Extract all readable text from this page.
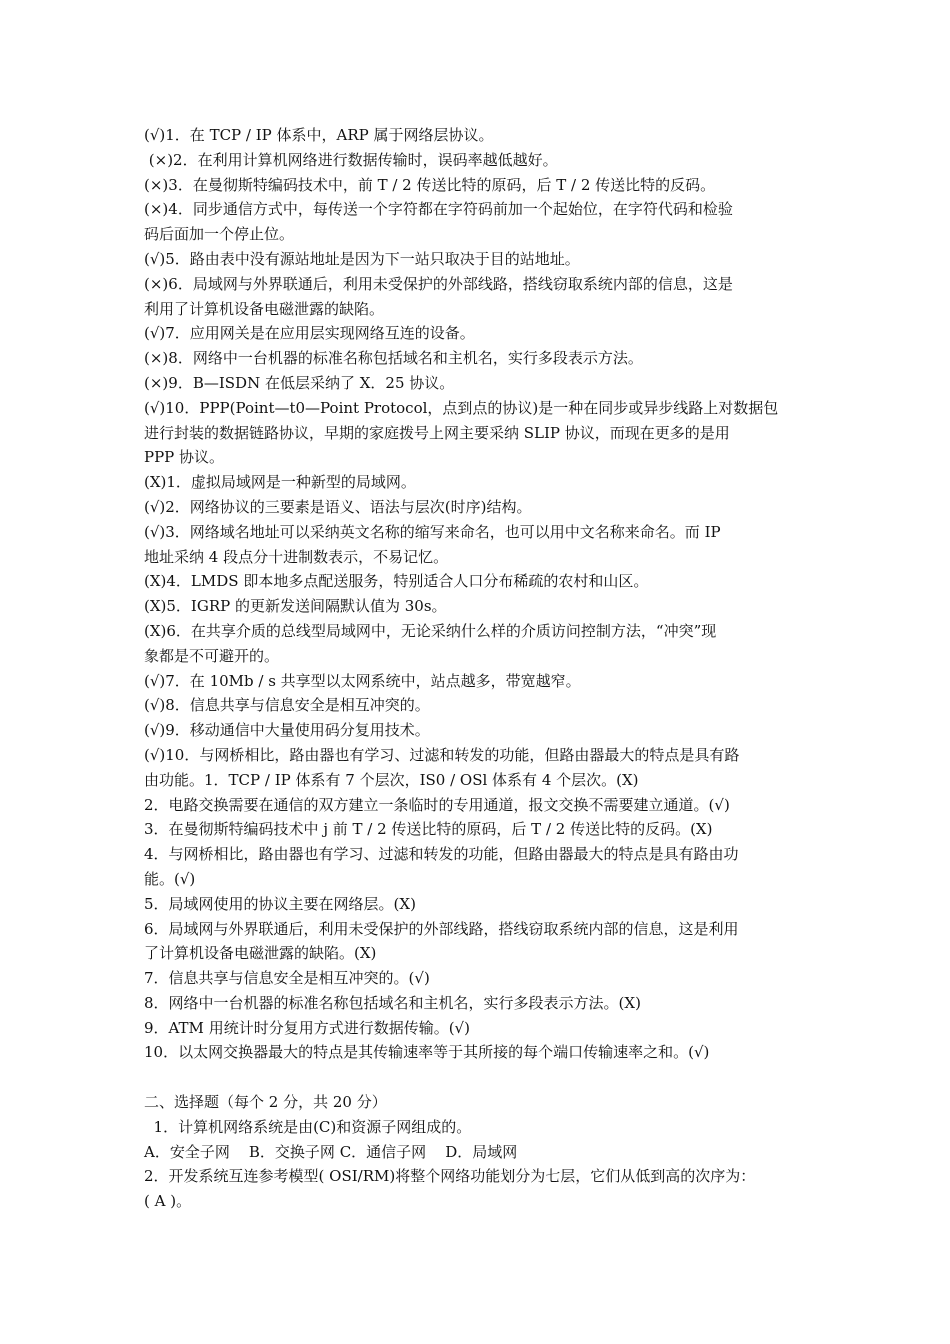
(√)1．在 TCP / IP 体系中，ARP 属于网络层协议。
(×)2．在利用计算机网络进行数据传输时，误码率越低越好。
(×)3．在曼彻斯特编码技术中，前 T / 2 传送比特的原码，后 T / 2 传送比特的反码。
(×)4．同步通信方式中，每传送一个字符都在字符码前加一个起始位，在字符代码和检验
码后面加一个停止位。
(√)5．路由表中没有源站地址是因为下一站只取决于目的站地址。
(×)6．局域网与外界联通后，利用未受保护的外部线路，搭线窃取系统内部的信息，这是
利用了计算机设备电磁泄露的缺陷。
(√)7．应用网关是在应用层实现网络互连的设备。
(×)8．网络中一台机器的标准名称包括域名和主机名，实行多段表示方法。
(×)9．B—ISDN 在低层采纳了 X．25 协议。
(√)10．PPP(Point—t0—Point Protocol，点到点的协议)是一种在同步或异步线路上对数据包
进行封装的数据链路协议，早期的家庭拨号上网主要采纳 SLIP 协议，而现在更多的是用
PPP 协议。
(X)1．虚拟局域网是一种新型的局域网。
(√)2．网络协议的三要素是语义、语法与层次(时序)结构。
(√)3．网络域名地址可以采纳英文名称的缩写来命名，也可以用中文名称来命名。而 IP
地址采纳 4 段点分十进制数表示，不易记忆。
(X)4．LMDS 即本地多点配送服务，特别适合人口分布稀疏的农村和山区。
(X)5．IGRP 的更新发送间隔默认值为 30s。
(X)6．在共享介质的总线型局域网中，无论采纳什么样的介质访问控制方法，“冲突”现
象都是不可避开的。
(√)7．在 10Mb / s 共享型以太网系统中，站点越多，带宽越窄。
(√)8．信息共享与信息安全是相互冲突的。
(√)9．移动通信中大量使用码分复用技术。
(√)10．与网桥相比，路由器也有学习、过滤和转发的功能，但路由器最大的特点是具有路
由功能。1．TCP / IP 体系有 7 个层次，IS0 / OSl 体系有 4 个层次。(X)
2．电路交换需要在通信的双方建立一条临时的专用通道，报文交换不需要建立通道。(√)
3．在曼彻斯特编码技术中 j 前 T / 2 传送比特的原码，后 T / 2 传送比特的反码。(X)
4．与网桥相比，路由器也有学习、过滤和转发的功能，但路由器最大的特点是具有路由功
能。(√)
5．局域网使用的协议主要在网络层。(X)
6．局域网与外界联通后，利用未受保护的外部线路，搭线窃取系统内部的信息，这是利用
了计算机设备电磁泄露的缺陷。(X)
7．信息共享与信息安全是相互冲突的。(√)
8．网络中一台机器的标准名称包括域名和主机名，实行多段表示方法。(X)
9．ATM 用统计时分复用方式进行数据传输。(√)
10．以太网交换器最大的特点是其传输速率等于其所接的每个端口传输速率之和。(√)
二、选择题（每个 2 分，共 20 分）
1．计算机网络系统是由(C)和资源子网组成的。
A．安全子网    B．交换子网 C．通信子网    D．局域网
2．开发系统互连参考模型( OSI/RM)将整个网络功能划分为七层，它们从低到高的次序为：
( A )。
